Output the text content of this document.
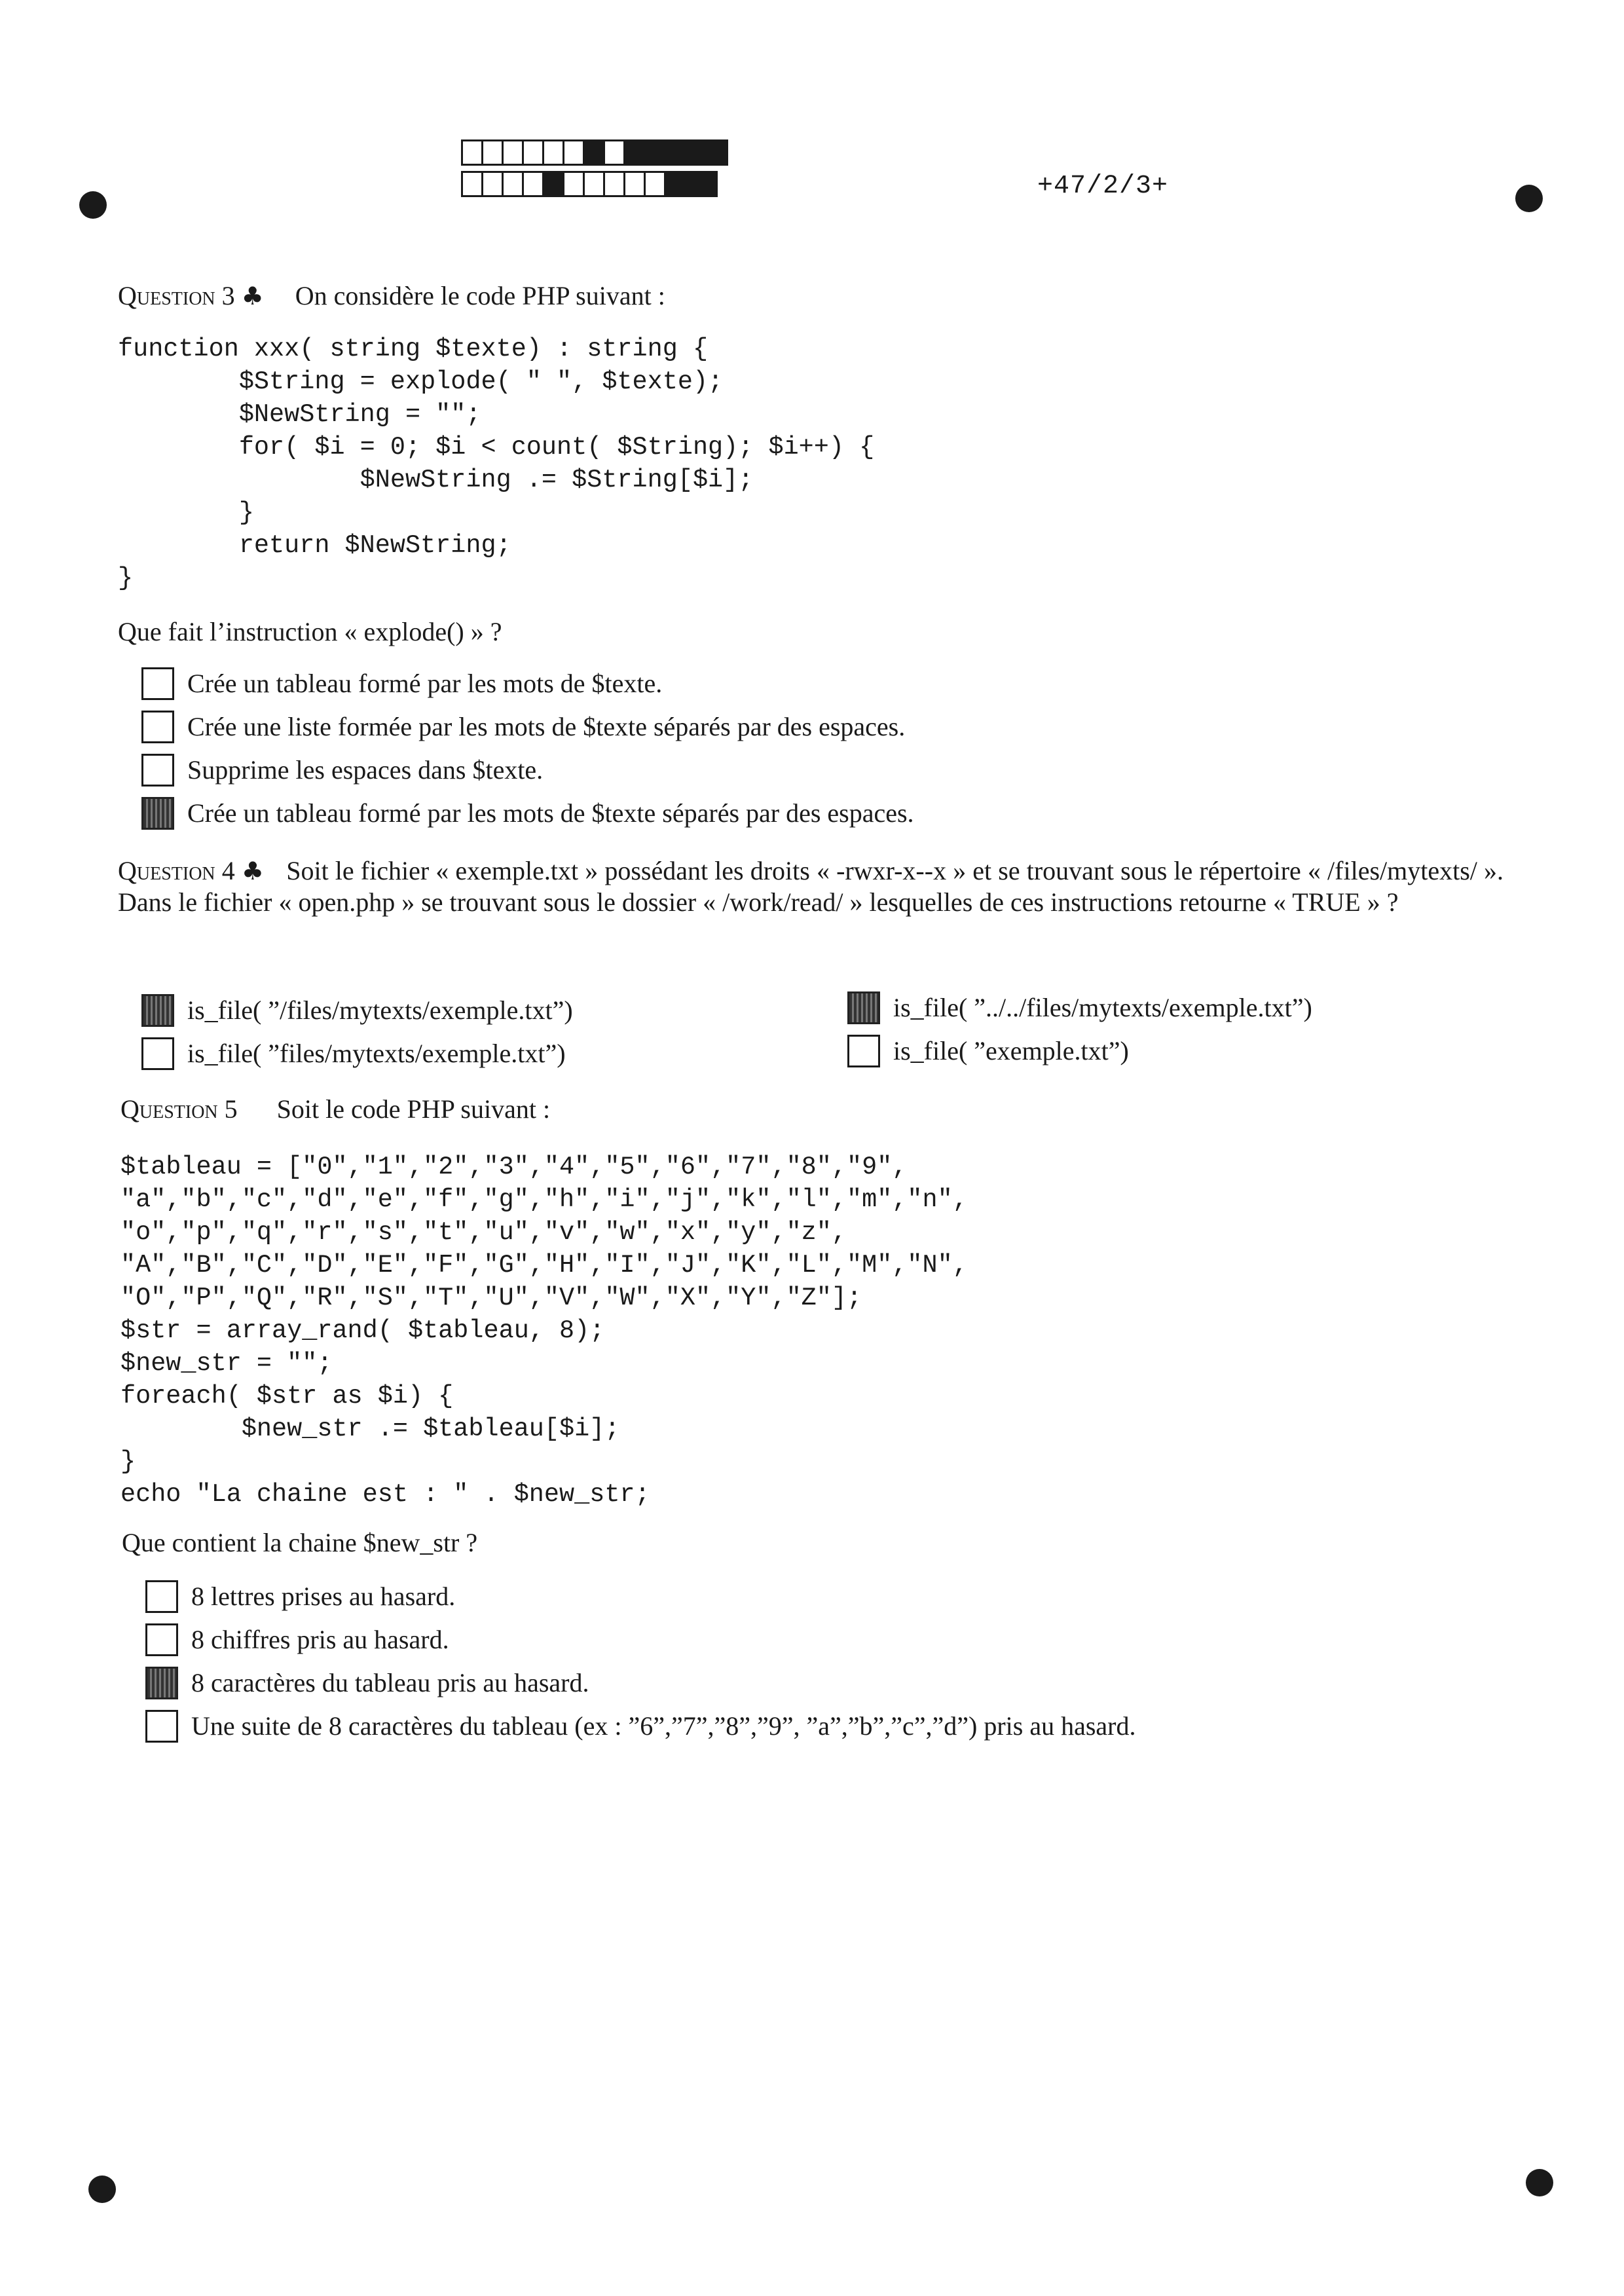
+47/2/3+
Question 3 ♣ On considère le code PHP suivant :
function xxx( string $texte) : string {
$String = explode( " ", $texte);
$NewString = "";
for( $i = 0; $i < count( $String); $i++) {
$NewString .= $String[$i];
}
return $NewString;
}
Que fait l’instruction « explode() » ?
Crée un tableau formé par les mots de $texte.
Crée une liste formée par les mots de $texte séparés par des espaces.
Supprime les espaces dans $texte.
Crée un tableau formé par les mots de $texte séparés par des espaces.
Question 4 ♣ Soit le fichier « exemple.txt » possédant les droits « -rwxr-x--x » et se trouvant sous le répertoire « /files/mytexts/ ». Dans le fichier « open.php » se trouvant sous le dossier « /work/read/ » lesquelles de ces instructions retourne « TRUE » ?
is_file( ”/files/mytexts/exemple.txt”)
is_file( ”files/mytexts/exemple.txt”)
is_file( ”../../files/mytexts/exemple.txt”)
is_file( ”exemple.txt”)
Question 5 Soit le code PHP suivant :
$tableau = ["0","1","2","3","4","5","6","7","8","9",
"a","b","c","d","e","f","g","h","i","j","k","l","m","n",
"o","p","q","r","s","t","u","v","w","x","y","z",
"A","B","C","D","E","F","G","H","I","J","K","L","M","N",
"O","P","Q","R","S","T","U","V","W","X","Y","Z"];
$str = array_rand( $tableau, 8);
$new_str = "";
foreach( $str as $i) {
$new_str .= $tableau[$i];
}
echo "La chaine est : " . $new_str;
Que contient la chaine $new_str ?
8 lettres prises au hasard.
8 chiffres pris au hasard.
8 caractères du tableau pris au hasard.
Une suite de 8 caractères du tableau (ex : ”6”,”7”,”8”,”9”, ”a”,”b”,”c”,”d”) pris au hasard.
